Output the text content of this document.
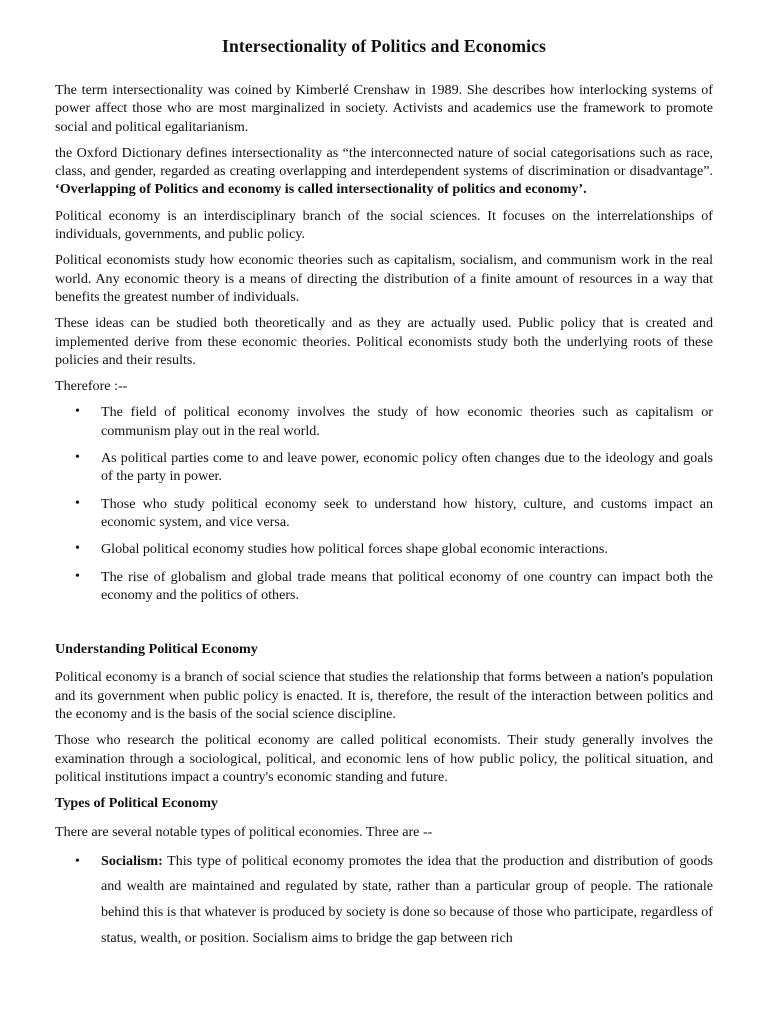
Intersectionality of Politics and Economics

The term intersectionality was coined by Kimberlé Crenshaw in 1989. She describes how interlocking systems of power affect those who are most marginalized in society. Activists and academics use the framework to promote social and political egalitarianism.

the Oxford Dictionary defines intersectionality as “the interconnected nature of social categorisations such as race, class, and gender, regarded as creating overlapping and interdependent systems of discrimination or disadvantage”. ‘Overlapping of Politics and economy is called intersectionality of politics and economy’.

Political economy is an interdisciplinary branch of the social sciences. It focuses on the interrelationships of individuals, governments, and public policy.

Political economists study how economic theories such as capitalism, socialism, and communism work in the real world. Any economic theory is a means of directing the distribution of a finite amount of resources in a way that benefits the greatest number of individuals.

These ideas can be studied both theoretically and as they are actually used. Public policy that is created and implemented derive from these economic theories. Political economists study both the underlying roots of these policies and their results.

Therefore :--

• The field of political economy involves the study of how economic theories such as capitalism or communism play out in the real world.
• As political parties come to and leave power, economic policy often changes due to the ideology and goals of the party in power.
• Those who study political economy seek to understand how history, culture, and customs impact an economic system, and vice versa.
• Global political economy studies how political forces shape global economic interactions.
• The rise of globalism and global trade means that political economy of one country can impact both the economy and the politics of others.
Understanding Political Economy

Political economy is a branch of social science that studies the relationship that forms between a nation's population and its government when public policy is enacted. It is, therefore, the result of the interaction between politics and the economy and is the basis of the social science discipline.

Those who research the political economy are called political economists. Their study generally involves the examination through a sociological, political, and economic lens of how public policy, the political situation, and political institutions impact a country's economic standing and future.

Types of Political Economy

There are several notable types of political economies. Three are --

• Socialism: This type of political economy promotes the idea that the production and distribution of goods and wealth are maintained and regulated by state, rather than a particular group of people. The rationale behind this is that whatever is produced by society is done so because of those who participate, regardless of status, wealth, or position. Socialism aims to bridge the gap between rich
